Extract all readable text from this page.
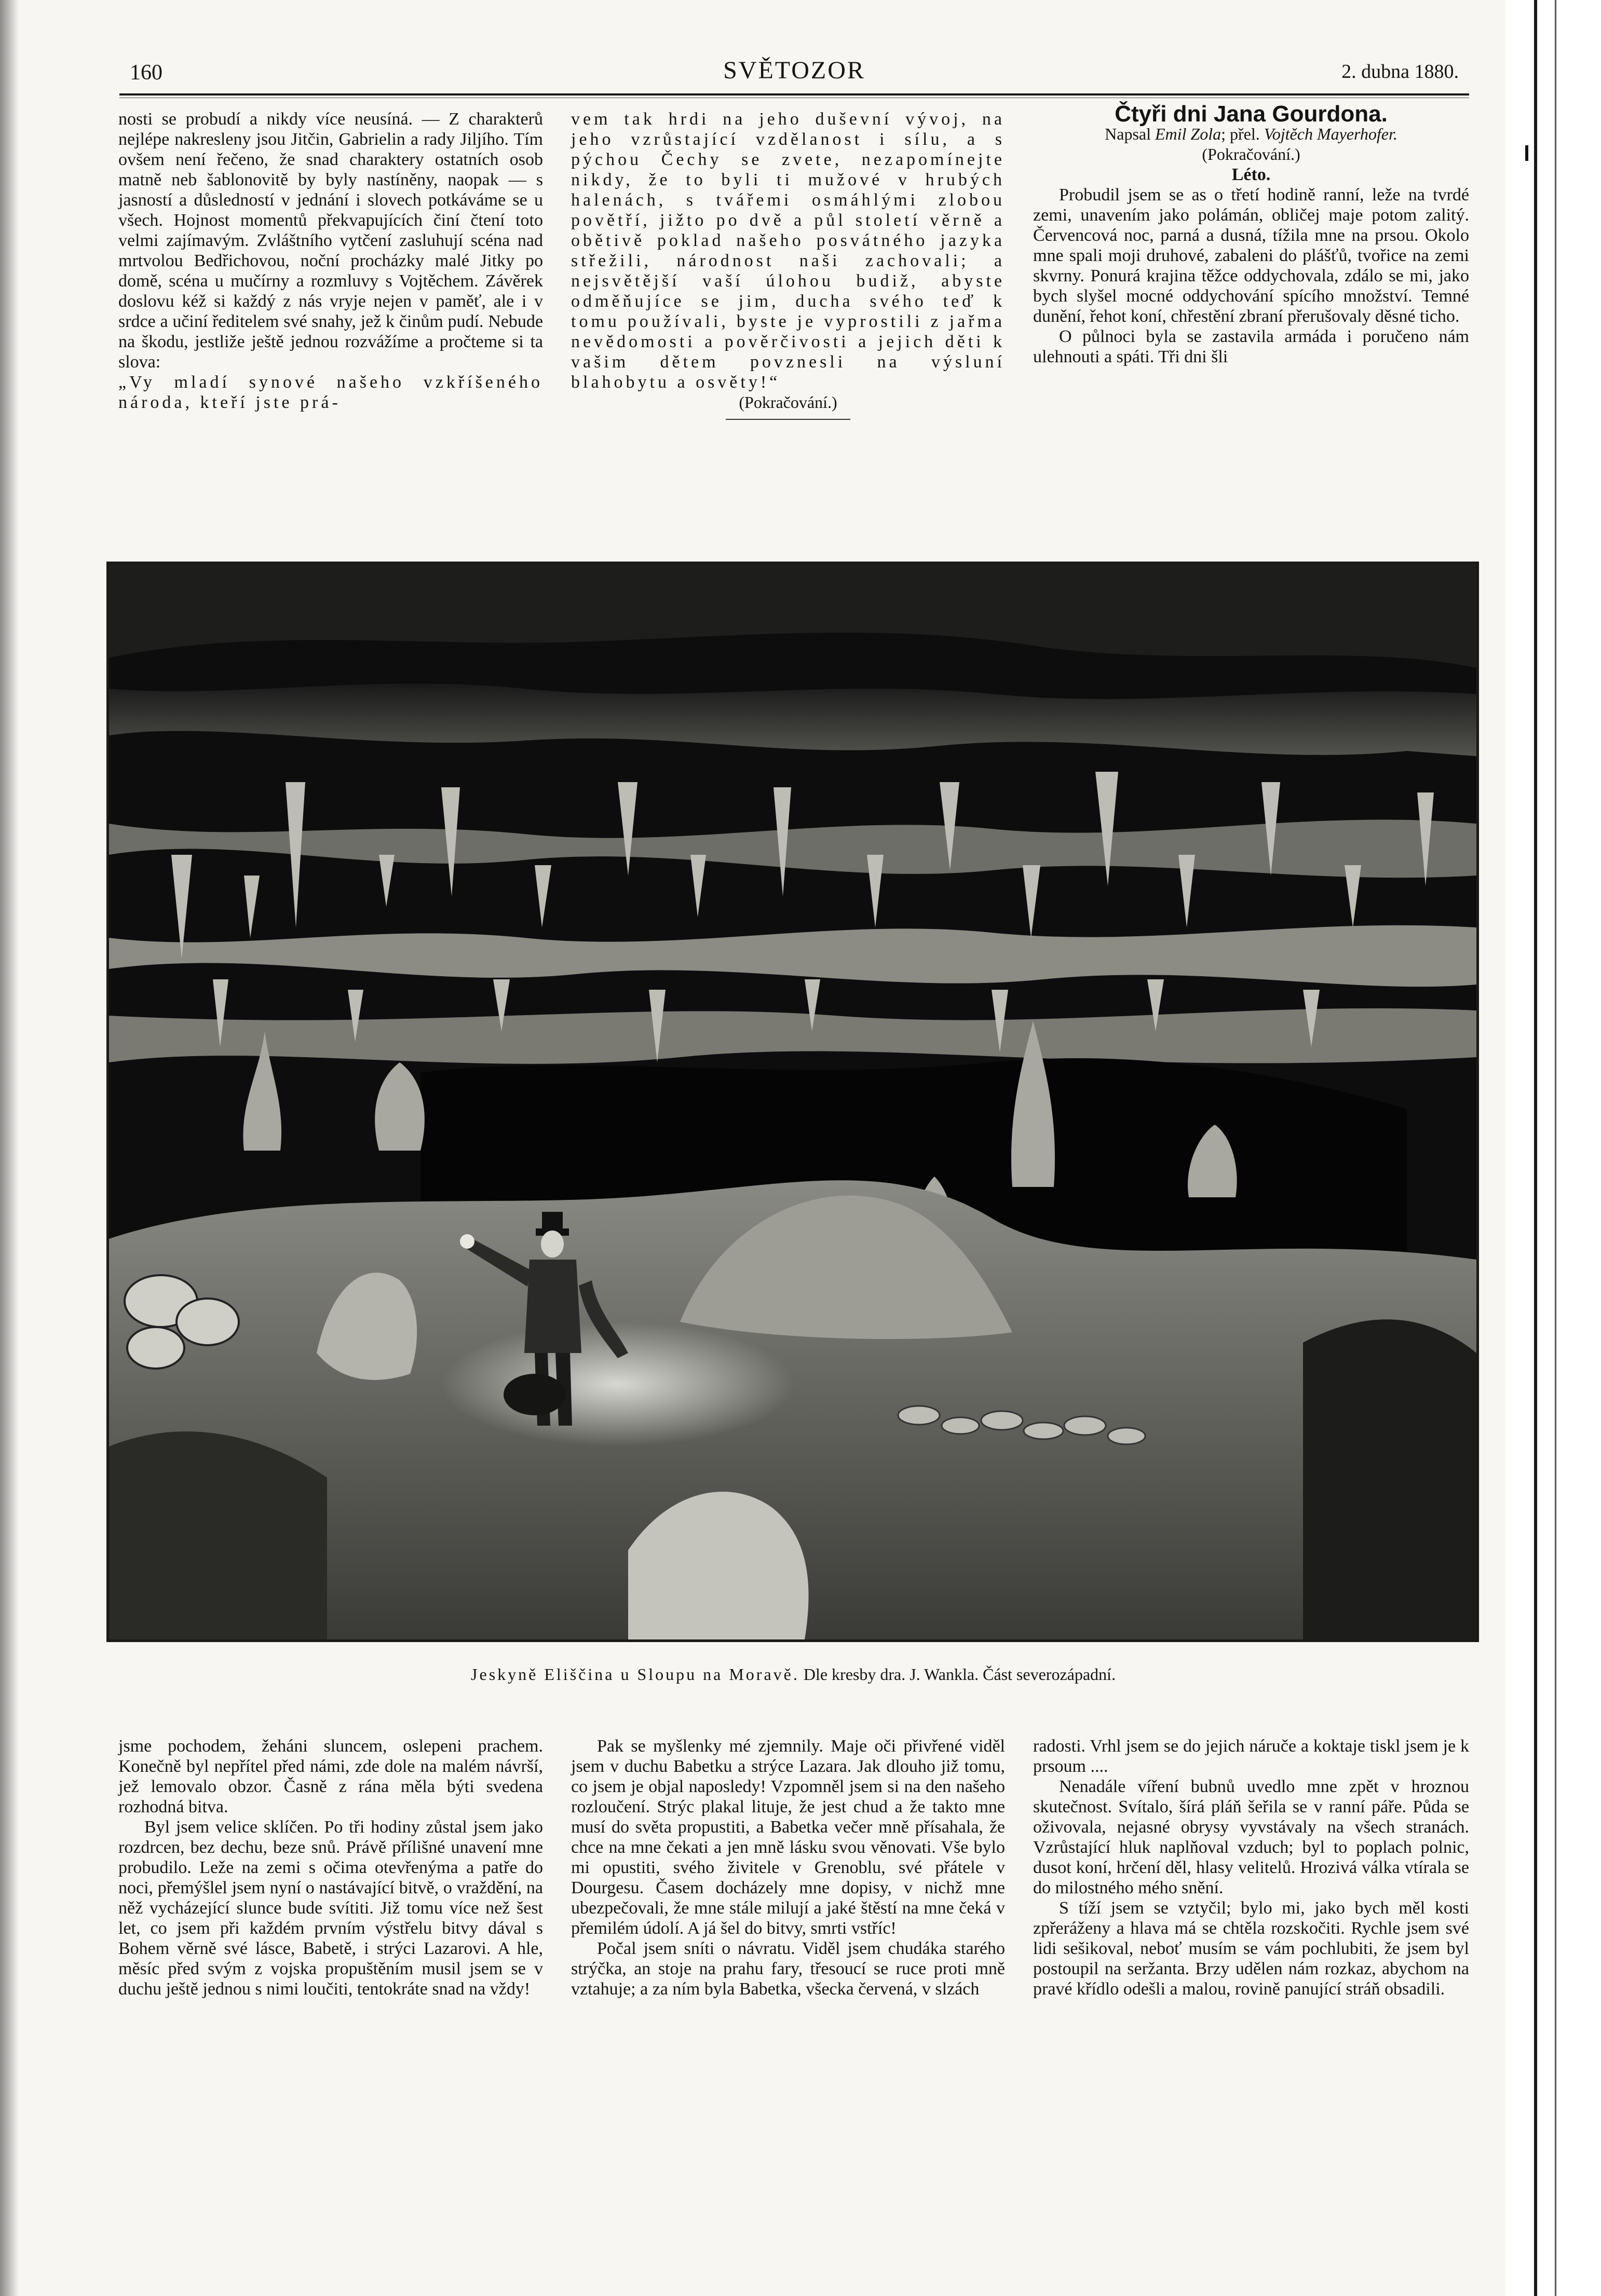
160	SVĚTOZOR	2. dubna 1880.

nosti se probudí a nikdy více neusíná. — Z charakterů nejlépe nakresleny jsou Jitčin, Gabrielin a rady Jiljího. Tím ovšem není řečeno, že snad charaktery ostatních osob matně neb šablonovitě by byly nastíněny, naopak — s jasností a důsledností v jednání i slovech potkáváme se u všech. Hojnost momentů překvapujících činí čtení toto velmi zajímavým. Zvláštního vytčení zasluhují scéna nad mrtvolou Bedřichovou, noční procházky malé Jitky po domě, scéna u mučírny a rozmluvy s Vojtěchem. Závěrek doslovu kéž si každý z nás vryje nejen v paměť, ale i v srdce a učiní ředitelem své snahy, jež k činům pudí. Nebude na škodu, jestliže ještě jednou rozvážíme a pročteme si ta slova:

„Vy mladí synové našeho vzkříšeného národa, kteří jste prá-

vem tak hrdi na jeho duševní vývoj, na jeho vzrůstající vzdělanost i sílu, a s pýchou Čechy se zvete, nezapomínejte nikdy, že to byli ti mužové v hrubých halenách, s tvářemi osmáhlými zlobou povětří, jižto po dvě a půl století věrně a obětivě poklad našeho posvátného jazyka střežili, národnost naši zachovali; a nejsvětější vaší úlohou budiž, abyste odměňujíce se jim, ducha svého teď k tomu používali, byste je vyprostili z jařma nevědomosti a pověrčivosti a jejich děti k vašim dětem povznesli na výsluní blahobytu a osvěty!“

(Pokračování.)

Čtyři dni Jana Gourdona.

Napsal Emil Zola; přel. Vojtěch Mayerhofer.

(Pokračování.)

Léto.

Probudil jsem se as o třetí hodině ranní, leže na tvrdé zemi, unavením jako polámán, obličej maje potom zalitý. Červencová noc, parná a dusná, tížila mne na prsou. Okolo mne spali moji druhové, zabaleni do plášťů, tvořice na zemi skvrny. Ponurá krajina těžce oddychovala, zdálo se mi, jako bych slyšel mocné oddychování spícího množství. Temné dunění, řehot koní, chřestění zbraní přerušovaly děsné ticho.

O půlnoci byla se zastavila armáda i poručeno nám ulehnouti a spáti. Tři dni šli

Jeskyně Eliščina u Sloupu na Moravě. Dle kresby dra. J. Wankla. Část severozápadní.

jsme pochodem, žeháni sluncem, oslepeni prachem. Konečně byl nepřítel před námi, zde dole na malém návrší, jež lemovalo obzor. Časně z rána měla býti svedena rozhodná bitva.

Byl jsem velice sklíčen. Po tři hodiny zůstal jsem jako rozdrcen, bez dechu, beze snů. Právě přílišné unavení mne probudilo. Leže na zemi s očima otevřenýma a patře do noci, přemýšlel jsem nyní o nastávající bitvě, o vraždění, na něž vycházející slunce bude svítiti. Již tomu více než šest let, co jsem při každém prvním výstřelu bitvy dával s Bohem věrně své lásce, Babetě, i strýci Lazarovi. A hle, měsíc před svým z vojska propuštěním musil jsem se v duchu ještě jednou s nimi loučiti, tentokráte snad na vždy!

Pak se myšlenky mé zjemnily. Maje oči přivřené viděl jsem v duchu Babetku a strýce Lazara. Jak dlouho již tomu, co jsem je objal naposledy! Vzpomněl jsem si na den našeho rozloučení. Strýc plakal lituje, že jest chud a že takto mne musí do světa propustiti, a Babetka večer mně přísahala, že chce na mne čekati a jen mně lásku svou věnovati. Vše bylo mi opustiti, svého živitele v Grenoblu, své přátele v Dourgesu. Časem docházely mne dopisy, v nichž mne ubezpečovali, že mne stále milují a jaké štěstí na mne čeká v přemilém údolí. A já šel do bitvy, smrti vstříc!

Počal jsem sníti o návratu. Viděl jsem chudáka starého strýčka, an stoje na prahu fary, třesoucí se ruce proti mně vztahuje; a za ním byla Babetka, všecka červená, v slzách

radosti. Vrhl jsem se do jejich náruče a koktaje tiskl jsem je k prsoum ....

Nenadále víření bubnů uvedlo mne zpět v hroznou skutečnost. Svítalo, šírá pláň šeřila se v ranní páře. Půda se oživovala, nejasné obrysy vyvstávaly na všech stranách. Vzrůstající hluk naplňoval vzduch; byl to poplach polnic, dusot koní, hrčení děl, hlasy velitelů. Hrozivá válka vtírala se do milostného mého snění.

S tíží jsem se vztyčil; bylo mi, jako bych měl kosti zpřeráženy a hlava má se chtěla rozskočiti. Rychle jsem své lidi sešikoval, neboť musím se vám pochlubiti, že jsem byl postoupil na seržanta. Brzy udělen nám rozkaz, abychom na pravé křídlo odešli a malou, rovině panující stráň obsadili.
